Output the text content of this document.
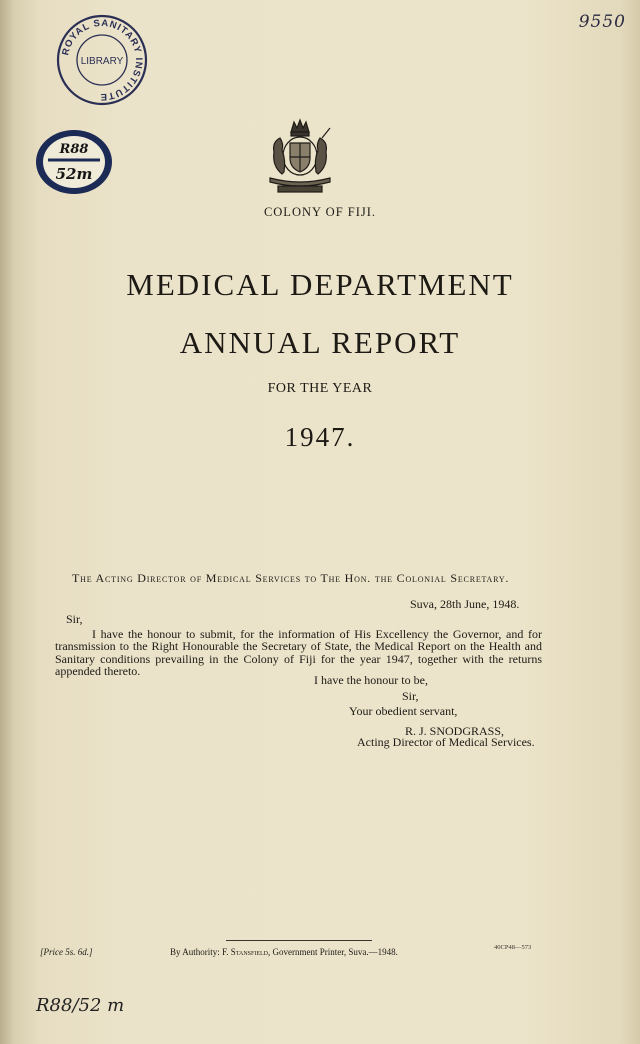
9550
ROYAL SANITARY INSTITUTE
LIBRARY
R88
52m
COLONY OF FIJI.
MEDICAL DEPARTMENT
ANNUAL REPORT
FOR THE YEAR
1947.
The Acting Director of Medical Services to The Hon. the Colonial Secretary.
Suva, 28th June, 1948.
Sir,
I have the honour to submit, for the information of His Excellency the Governor, and for transmission to the Right Honourable the Secretary of State, the Medical Report on the Health and Sanitary conditions prevailing in the Colony of Fiji for the year 1947, together with the returns appended thereto.
I have the honour to be,
Sir,
Your obedient servant,
R. J. SNODGRASS,
Acting Director of Medical Services.
[Price 5s. 6d.]	By Authority: F. Stansfield, Government Printer, Suva.—1948.	40CP48—573
R88/52 m
